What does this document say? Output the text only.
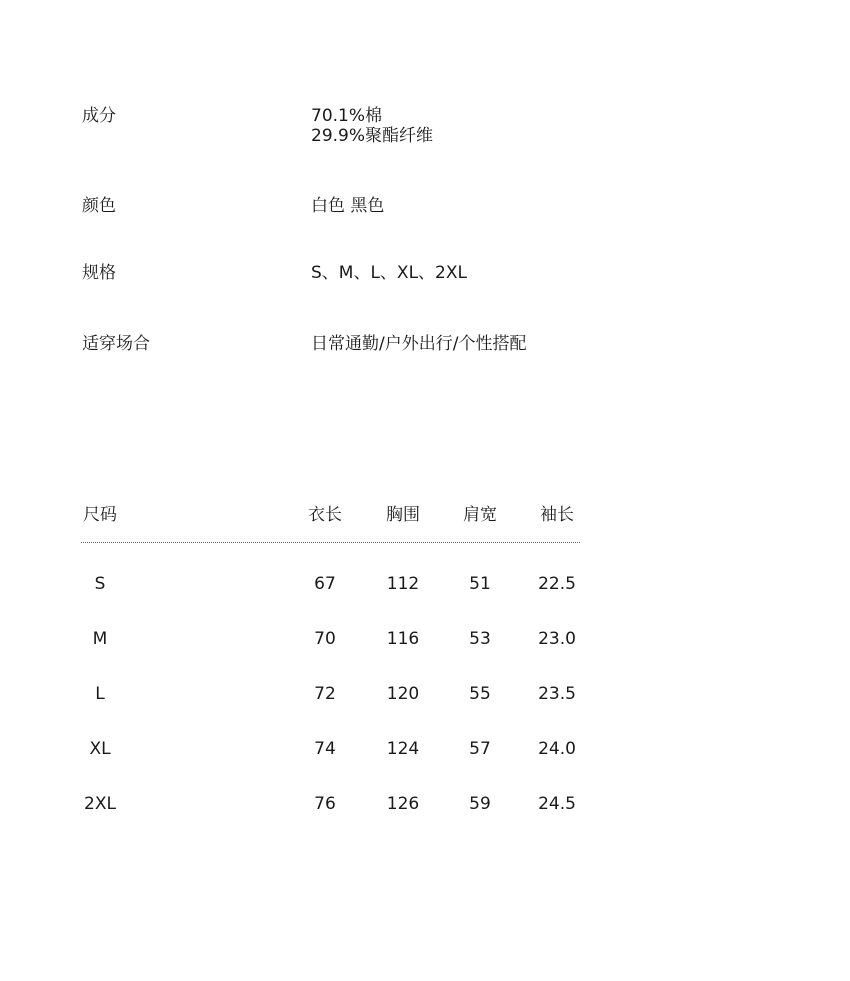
成分	70.1%棉
29.9%聚酯纤维
颜色	白色 黑色
规格	S、M、L、XL、2XL
适穿场合	日常通勤/户外出行/个性搭配
尺码	衣长	胸围	肩宽	袖长
S	67	112	51	22.5
M	70	116	53	23.0
L	72	120	55	23.5
XL	74	124	57	24.0
2XL	76	126	59	24.5
